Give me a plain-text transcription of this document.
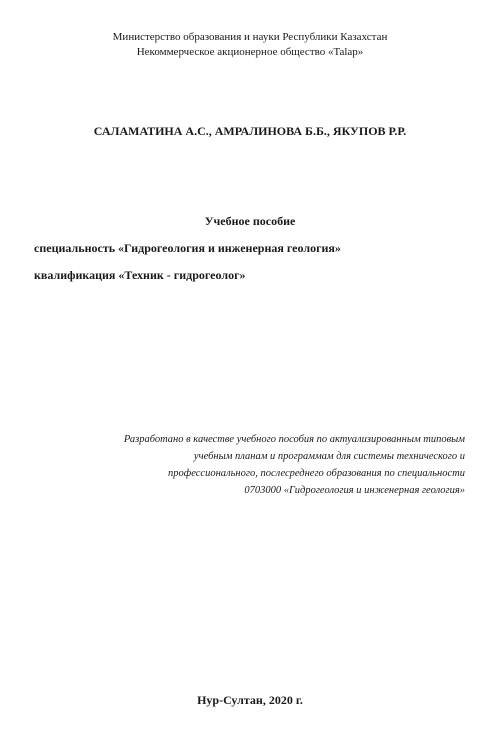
Министерство образования и науки Республики Казахстан
Некоммерческое акционерное общество «Talap»
САЛАМАТИНА А.С., АМРАЛИНОВА Б.Б., ЯКУПОВ Р.Р.
Учебное пособие
специальность «Гидрогеология и инженерная геология»
квалификация «Техник - гидрогеолог»
Разработано в качестве учебного пособия по актуализированным типовым
учебным планам и программам для системы технического и
профессионального, послесреднего образования по специальности
0703000 «Гидрогеология и инженерная геология»
Нур-Султан, 2020 г.
